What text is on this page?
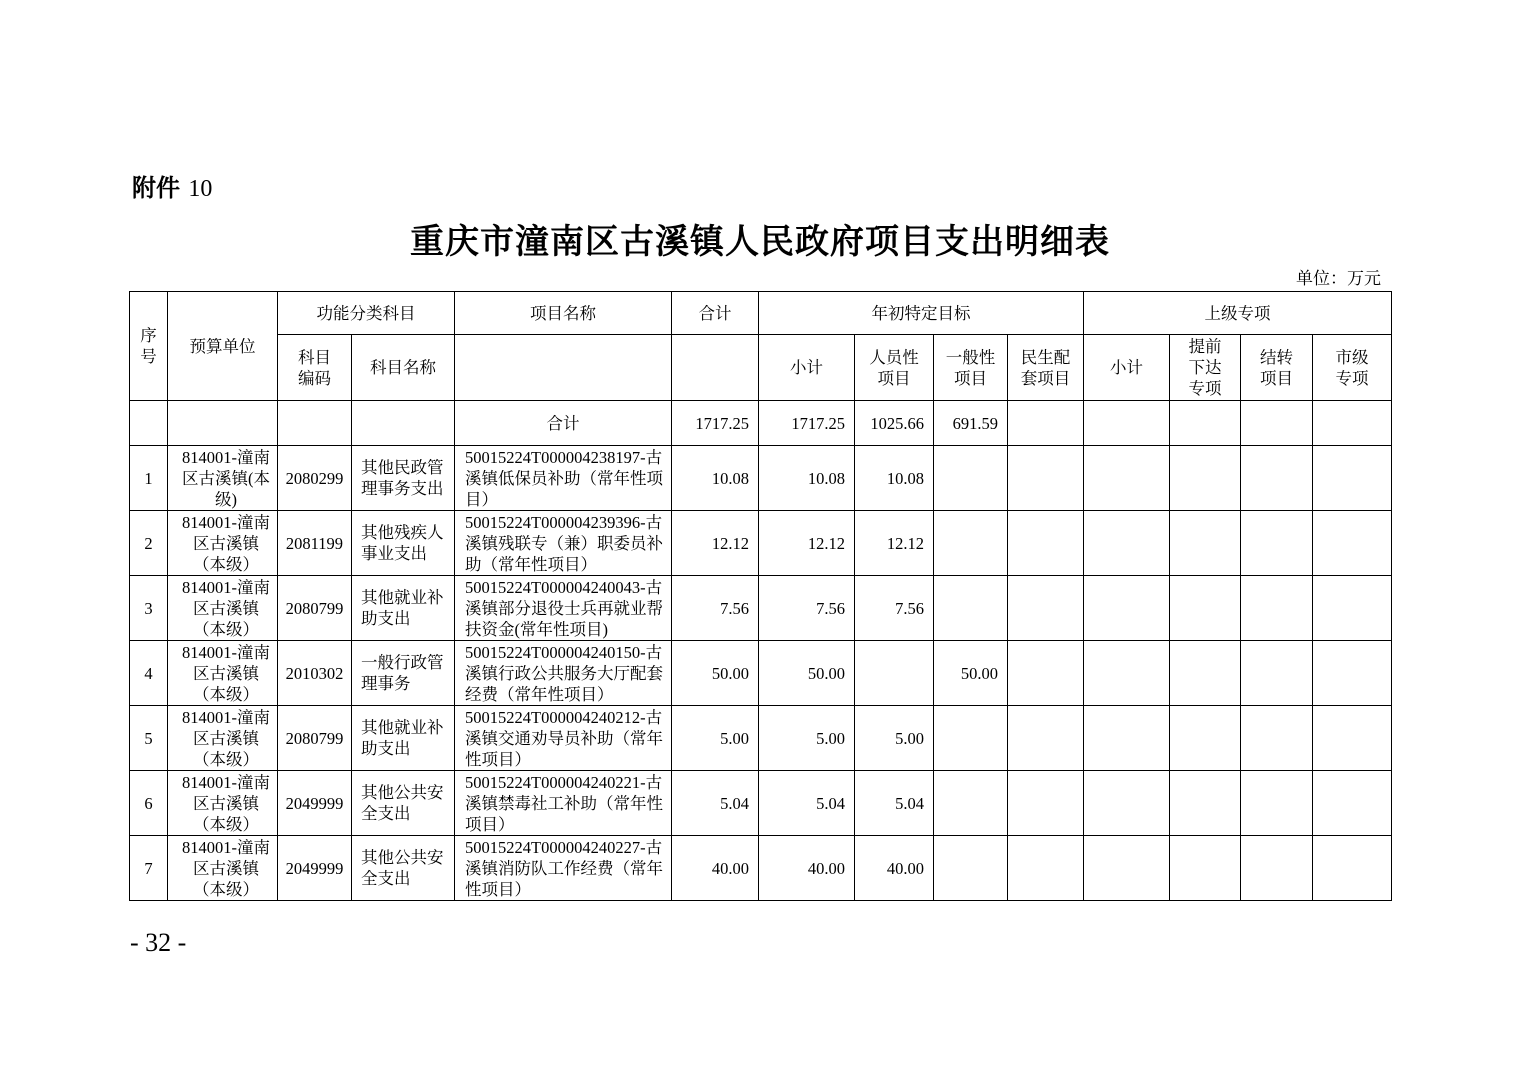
附件 10
重庆市潼南区古溪镇人民政府项目支出明细表
单位：万元
序号	预算单位	功能分类科目		项目名称	合计	年初特定目标				上级专项			
		科目编码	科目名称			小计	人员性项目	一般性项目	民生配套项目	小计	提前下达专项	结转项目	市级专项
				合计	1717.25	1717.25	1025.66	691.59					
1	814001-潼南区古溪镇(本级)	2080299	其他民政管理事务支出	50015224T000004238197-古溪镇低保员补助（常年性项目）	10.08	10.08	10.08						
2	814001-潼南区古溪镇（本级）	2081199	其他残疾人事业支出	50015224T000004239396-古溪镇残联专（兼）职委员补助（常年性项目）	12.12	12.12	12.12						
3	814001-潼南区古溪镇（本级）	2080799	其他就业补助支出	50015224T000004240043-古溪镇部分退役士兵再就业帮扶资金(常年性项目)	7.56	7.56	7.56						
4	814001-潼南区古溪镇（本级）	2010302	一般行政管理事务	50015224T000004240150-古溪镇行政公共服务大厅配套经费（常年性项目）	50.00	50.00		50.00					
5	814001-潼南区古溪镇（本级）	2080799	其他就业补助支出	50015224T000004240212-古溪镇交通劝导员补助（常年性项目）	5.00	5.00	5.00						
6	814001-潼南区古溪镇（本级）	2049999	其他公共安全支出	50015224T000004240221-古溪镇禁毒社工补助（常年性项目）	5.04	5.04	5.04						
7	814001-潼南区古溪镇（本级）	2049999	其他公共安全支出	50015224T000004240227-古溪镇消防队工作经费（常年性项目）	40.00	40.00	40.00						
- 32 -
